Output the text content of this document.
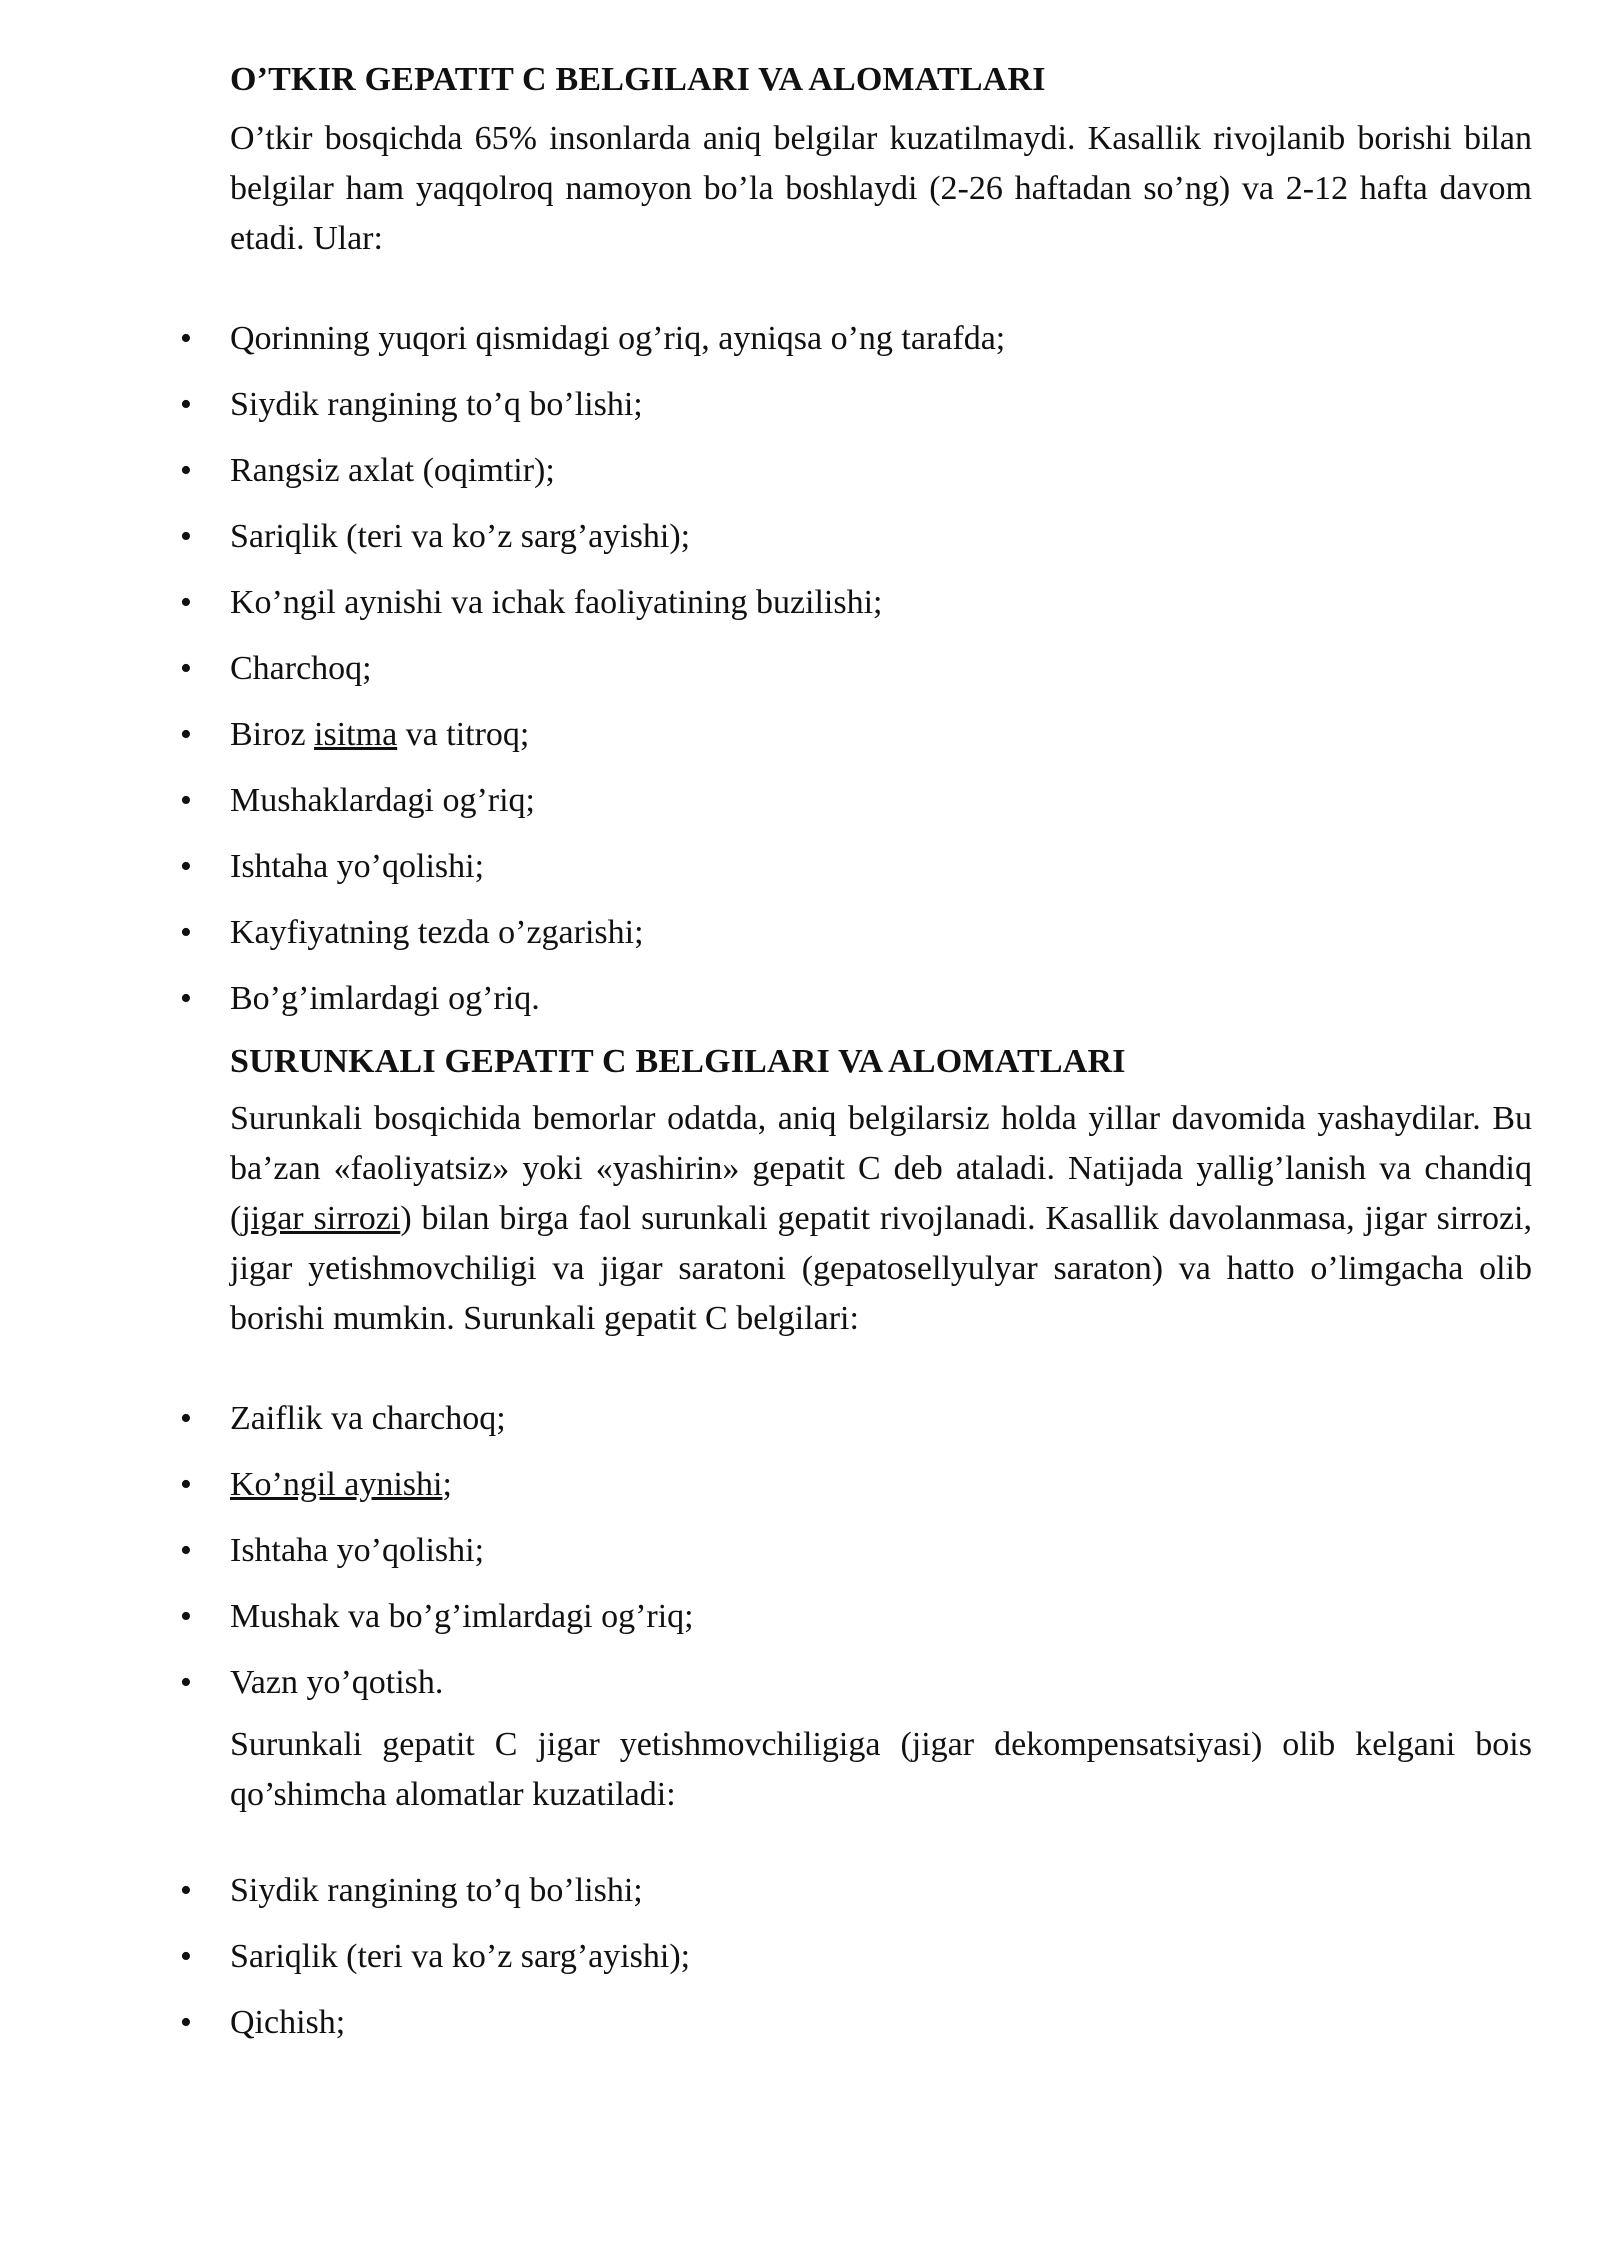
O’TKIR GEPATIT C BELGILARI VA ALOMATLARI

O’tkir bosqichda 65% insonlarda aniq belgilar kuzatilmaydi. Kasallik rivojlanib borishi bilan belgilar ham yaqqolroq namoyon bo’la boshlaydi (2-26 haftadan so’ng) va 2-12 hafta davom etadi. Ular:

• Qorinning yuqori qismidagi og’riq, ayniqsa o’ng tarafda;
• Siydik rangining to’q bo’lishi;
• Rangsiz axlat (oqimtir);
• Sariqlik (teri va ko’z sarg’ayishi);
• Ko’ngil aynishi va ichak faoliyatining buzilishi;
• Charchoq;
• Biroz isitma va titroq;
• Mushaklardagi og’riq;
• Ishtaha yo’qolishi;
• Kayfiyatning tezda o’zgarishi;
• Bo’g’imlardagi og’riq.
SURUNKALI GEPATIT C BELGILARI VA ALOMATLARI

Surunkali bosqichida bemorlar odatda, aniq belgilarsiz holda yillar davomida yashaydilar. Bu ba’zan «faoliyatsiz» yoki «yashirin» gepatit C deb ataladi. Natijada yallig’lanish va chandiq (jigar sirrozi) bilan birga faol surunkali gepatit rivojlanadi. Kasallik davolanmasa, jigar sirrozi, jigar yetishmovchiligi va jigar saratoni (gepatosellyulyar saraton) va hatto o’limgacha olib borishi mumkin. Surunkali gepatit C belgilari:

• Zaiflik va charchoq;
• Ko’ngil aynishi;
• Ishtaha yo’qolishi;
• Mushak va bo’g’imlardagi og’riq;
• Vazn yo’qotish.

Surunkali gepatit C jigar yetishmovchiligiga (jigar dekompensatsiyasi) olib kelgani bois qo’shimcha alomatlar kuzatiladi:

• Siydik rangining to’q bo’lishi;
• Sariqlik (teri va ko’z sarg’ayishi);
• Qichish;
